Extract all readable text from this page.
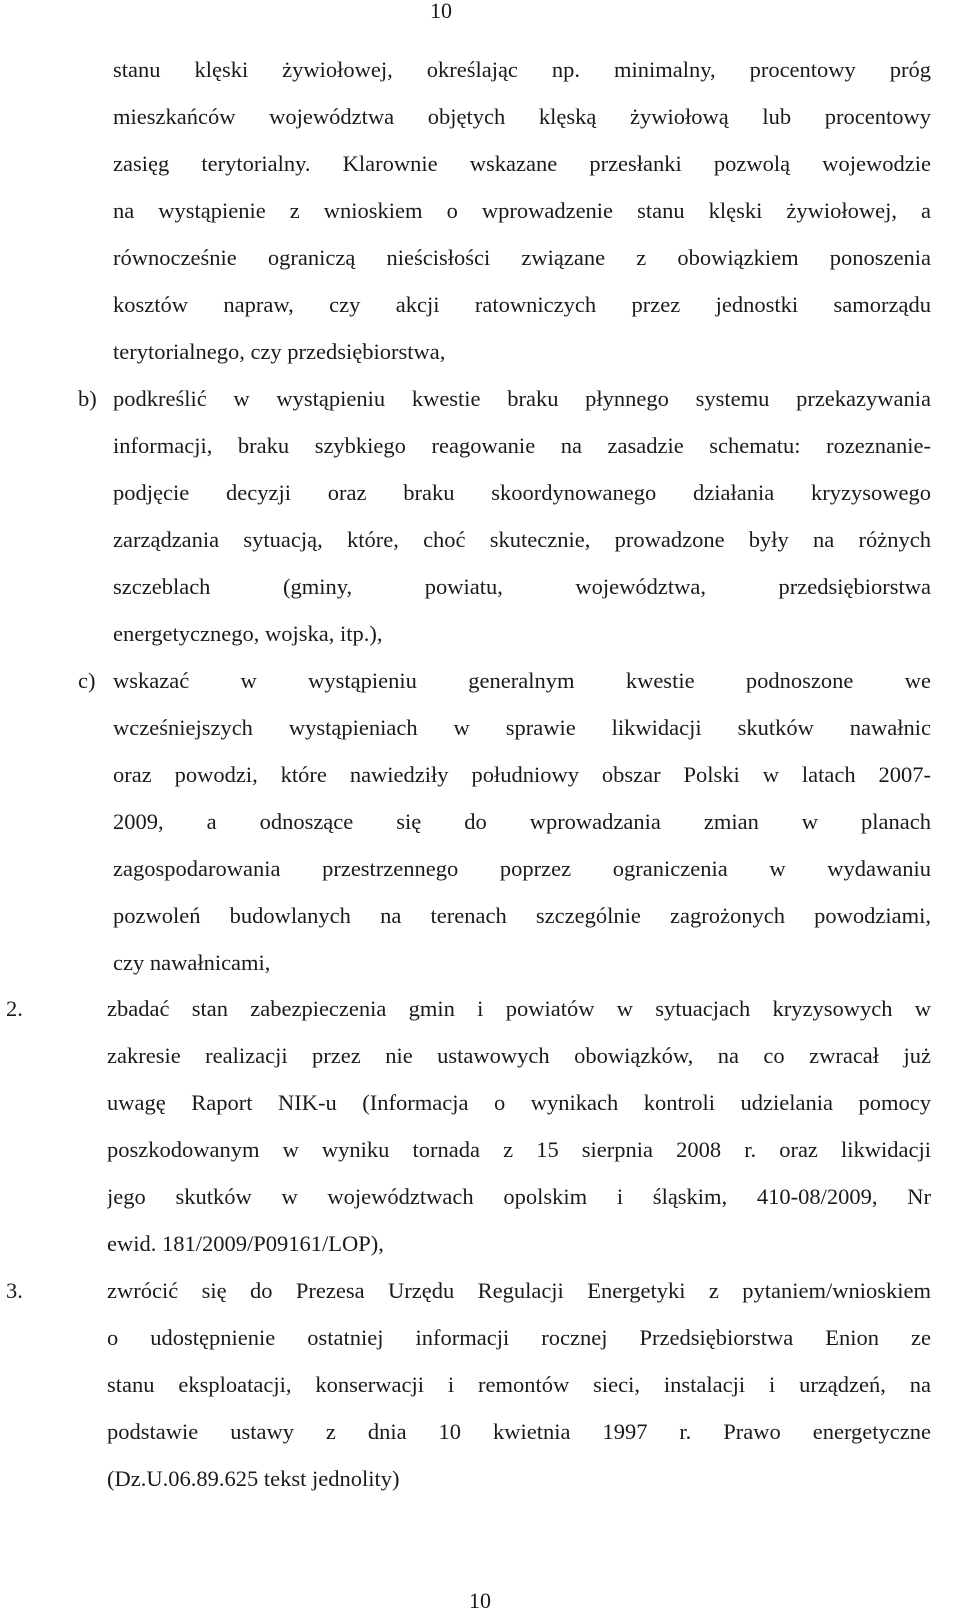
10
stanu klęski żywiołowej, określając np. minimalny, procentowy próg
mieszkańców województwa objętych klęską żywiołową lub procentowy
zasięg terytorialny. Klarownie wskazane przesłanki pozwolą wojewodzie
na wystąpienie z wnioskiem o wprowadzenie stanu klęski żywiołowej, a
równocześnie ograniczą nieścisłości związane z obowiązkiem ponoszenia
kosztów napraw, czy akcji ratowniczych przez jednostki samorządu
terytorialnego, czy przedsiębiorstwa,
b) podkreślić w wystąpieniu kwestie braku płynnego systemu przekazywania
informacji, braku szybkiego reagowanie na zasadzie schematu: rozeznanie-
podjęcie decyzji oraz braku skoordynowanego działania kryzysowego
zarządzania sytuacją, które, choć skutecznie, prowadzone były na różnych
szczeblach (gminy, powiatu, województwa, przedsiębiorstwa
energetycznego, wojska, itp.),
c) wskazać w wystąpieniu generalnym kwestie podnoszone we
wcześniejszych wystąpieniach w sprawie likwidacji skutków nawałnic
oraz powodzi, które nawiedziły południowy obszar Polski w latach 2007-
2009, a odnoszące się do wprowadzania zmian w planach
zagospodarowania przestrzennego poprzez ograniczenia w wydawaniu
pozwoleń budowlanych na terenach szczególnie zagrożonych powodziami,
czy nawałnicami,
2.	zbadać stan zabezpieczenia gmin i powiatów w sytuacjach kryzysowych w
zakresie realizacji przez nie ustawowych obowiązków, na co zwracał już
uwagę Raport NIK-u (Informacja o wynikach kontroli udzielania pomocy
poszkodowanym w wyniku tornada z 15 sierpnia 2008 r. oraz likwidacji
jego skutków w województwach opolskim i śląskim, 410-08/2009, Nr
ewid. 181/2009/P09161/LOP),
3.	zwrócić się do Prezesa Urzędu Regulacji Energetyki z pytaniem/wnioskiem
o udostępnienie ostatniej informacji rocznej Przedsiębiorstwa Enion ze
stanu eksploatacji, konserwacji i remontów sieci, instalacji i urządzeń, na
podstawie ustawy z dnia 10 kwietnia 1997 r. Prawo energetyczne
(Dz.U.06.89.625 tekst jednolity)
10
